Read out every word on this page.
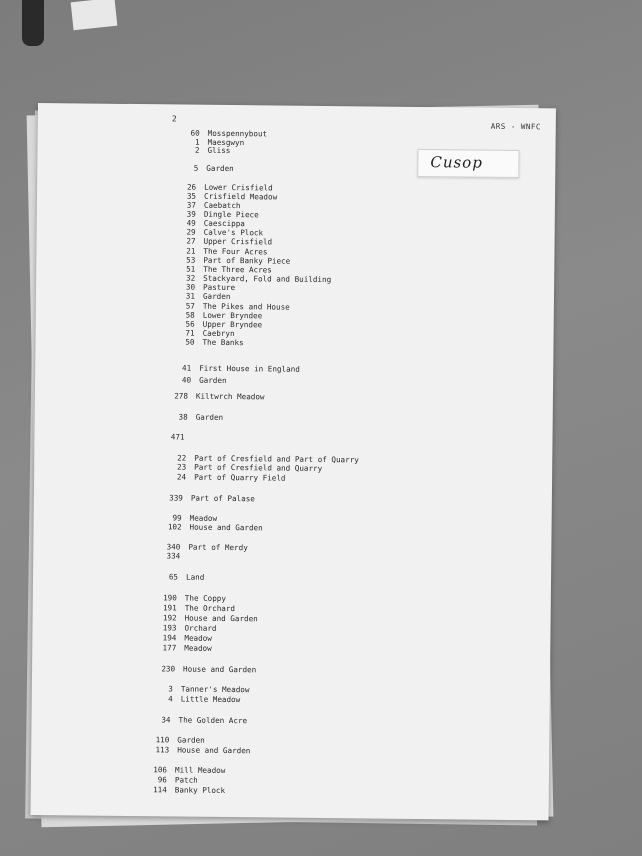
2
ARS - WNFC
Cusop
60 Mosspennybout
1 Maesgwyn
2 Gliss
5 Garden
26 Lower Crisfield
35 Crisfield Meadow
37 Caebatch
39 Dingle Piece
49 Caescippa
29 Calve's Plock
27 Upper Crisfield
21 The Four Acres
53 Part of Banky Piece
51 The Three Acres
32 Stackyard, Fold and Building
30 Pasture
31 Garden
57 The Pikes and House
58 Lower Bryndee
56 Upper Bryndee
71 Caebryn
50 The Banks
41 First House in England
40 Garden
278 Kiltwrch Meadow
38 Garden
471
22 Part of Cresfield and Part of Quarry
23 Part of Cresfield and Quarry
24 Part of Quarry Field
339 Part of Palase
99 Meadow
102 House and Garden
340 Part of Merdy
334
65 Land
190 The Coppy
191 The Orchard
192 House and Garden
193 Orchard
194 Meadow
177 Meadow
230 House and Garden
3 Tanner's Meadow
4 Little Meadow
34 The Golden Acre
110 Garden
113 House and Garden
106 Mill Meadow
96 Patch
114 Banky Plock
